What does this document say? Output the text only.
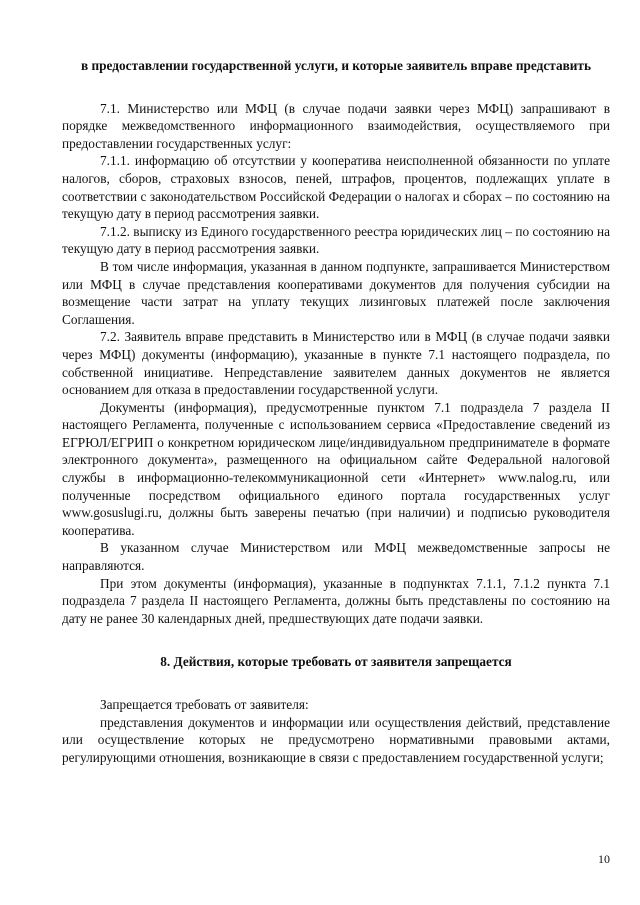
в предоставлении государственной услуги, и которые заявитель вправе представить

7.1. Министерство или МФЦ (в случае подачи заявки через МФЦ) запрашивают в порядке межведомственного информационного взаимодействия, осуществляемого при предоставлении государственных услуг:

7.1.1. информацию об отсутствии у кооператива неисполненной обязанности по уплате налогов, сборов, страховых взносов, пеней, штрафов, процентов, подлежащих уплате в соответствии с законодательством Российской Федерации о налогах и сборах – по состоянию на текущую дату в период рассмотрения заявки.

7.1.2. выписку из Единого государственного реестра юридических лиц – по состоянию на текущую дату в период рассмотрения заявки.

В том числе информация, указанная в данном подпункте, запрашивается Министерством или МФЦ в случае представления кооперативами документов для получения субсидии на возмещение части затрат на уплату текущих лизинговых платежей после заключения Соглашения.

7.2. Заявитель вправе представить в Министерство или в МФЦ (в случае подачи заявки через МФЦ) документы (информацию), указанные в пункте 7.1 настоящего подраздела, по собственной инициативе. Непредставление заявителем данных документов не является основанием для отказа в предоставлении государственной услуги.

Документы (информация), предусмотренные пунктом 7.1 подраздела 7 раздела II настоящего Регламента, полученные с использованием сервиса «Предоставление сведений из ЕГРЮЛ/ЕГРИП о конкретном юридическом лице/индивидуальном предпринимателе в формате электронного документа», размещенного на официальном сайте Федеральной налоговой службы в информационно-телекоммуникационной сети «Интернет» www.nalog.ru, или полученные посредством официального единого портала государственных услуг www.gosuslugi.ru, должны быть заверены печатью (при наличии) и подписью руководителя кооператива.

В указанном случае Министерством или МФЦ межведомственные запросы не направляются.

При этом документы (информация), указанные в подпунктах 7.1.1, 7.1.2 пункта 7.1 подраздела 7 раздела II настоящего Регламента, должны быть представлены по состоянию на дату не ранее 30 календарных дней, предшествующих дате подачи заявки.

8. Действия, которые требовать от заявителя запрещается

Запрещается требовать от заявителя:

представления документов и информации или осуществления действий, представление или осуществление которых не предусмотрено нормативными правовыми актами, регулирующими отношения, возникающие в связи с предоставлением государственной услуги;

10
